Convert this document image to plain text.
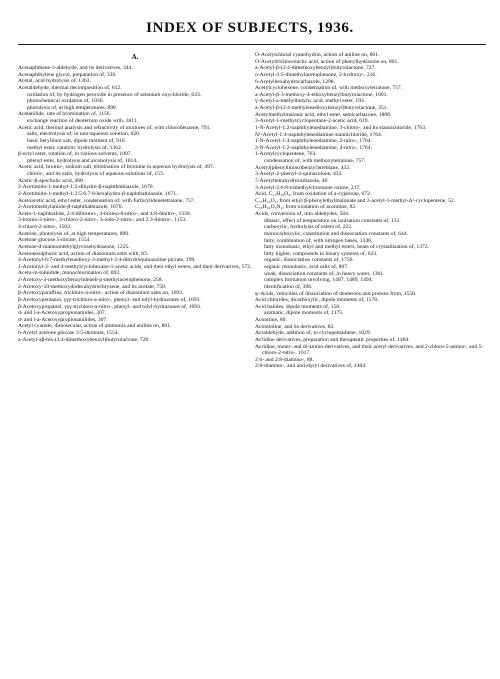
INDEX OF SUBJECTS, 1936.
A.
Acenaphthene-3-aldehyde, and its derivatives, 344.
Acenaphthylene glycol, preparation of, 336.
Acetal, acid hydrolysis of, 1363.
Acetaldehyde, thermal decomposition of, 812.
oxidation of, by hydrogen peroxide in presence of selenium oxychloride, 633.
photochemical oxidation of, 1036.
photolysis of, at high temperatures, 890.
Acetanilide, rate of bromination of, 1156.
exchange reaction of deuterium oxide with, 1811.
Acetic acid, thermal analysis and refractivity of mixtures of, with chlorobenzene, 791.
salts, electrolysis of, in non-aqueous solution, 820.
basic beryllium salt, dipole moment of, 910.
methyl ester, catalytic hydrolysis of, 1362.
β-octyl ester, rotation of, in various solvents, 1007.
phenyl ester, hydrolysis and alcoholysis of, 1014.
Acetic acid, bromo-, sodium salt, elimination of bromine in aqueous hydrolysis of, 497.
chloro-, and its salts, hydrolysis of aqueous solutions of, 153.
Acetic-β-apocholic acid, 468.
2-Acetimido-1-methyl-1:2-dihydro-β-naphthathiazole, 1670.
2-Acetimido-1-methyl-1:2:5:6:7:8-hexahydro-β-naphthathiazole, 1671.
Acetoacetic acid, ethyl ester, condensation of, with furfurylidenetetralone, 757.
2-Acetomethylamido-β-naphthathiazole, 1670.
Aceto-1-naphthalide, 2:4-dibromo-, 4-bromo-8-nitro-, and 4:8-dinitro-, 1338.
3-bromo-2-nitro-, 3-chloro-2-nitro-, 3-iodo-2-nitro-, and 2:3-dinitro-, 1153.
4-chloro-2-nitro-, 1502.
Acetone, photolysis of, at high temperatures, 890.
Acetone glucose 5-nitrate, 1554.
Acetone-d-mannomethylglycosehydrazone, 1225.
Acetonesulphuric acid, action of diazonium salts with, 83.
4-Acetonyl-6:7-methylenedioxy-3-methyl-3:4-dihydroquinazoline picrate, 199.
1-Acetonyl-3- and 4-methylcyclohexane-1-acetic acids, and their ethyl esters, and their derivatives, 572.
Aceto-m-toluidide, monochlorination of, 692.
2-Acetoxy-3-methoxybenzylideneb-p-methylacetophenone, 258.
2-Acetoxy-10-methoxydodecahydrochrysene, and its acetate, 758.
β-Acetoxyparaffins, trichloro-a-nitro-, action of diazonium salts on, 1693.
β-Acetoxypentanol, γγγ-trichloro-a-nitro-, phenyl- and tolyl-hydrazones of, 1693.
β-Acetoxypropanol, γγγ-trichloro-a-nitro-, phenyl- and tolyl-hydrazones of, 1693.
d- and l-a-Acetoxypropionamides, 307.
d- and l-a-Acetoxypropionanilides, 307.
Acetyl cyanide, dimolecular, action of ammonia and aniline on, 801.
6-Acetyl acetone glucose 3:5-dinitrate, 1554.
a-Acetyl-aβ-bis-(3:4-dimethoxybenzyl)butyrolactone, 728.
O-Acetylchloral cyanohydrin, action of aniline on, 801.
O-Acetyltrichlorolactic acid, action of phenylhydrazine on, 801.
a-Acetyl-β-(3:4-dimethoxybenzyl)butyrolactone, 727.
o-Acetyl-3:5-dimethylacetophenone, 2-hydroxy-, 216.
6-Acetylhexahydrocarbazole, 1298.
Acetylcyclohexene, condensation of, with methoxytetralone, 757.
a-Acetyl-β-3-methoxy-4-ethoxybenzylbutyrolactone, 1001.
γ-Acetyl-a-methylbutyric acid, methyl ester, 193.
a-Acetyl-β-(3:4-methylenedioxybenzyl)butyrolactone, 351.
Acetylmethylmalonic acid, ethyl ester, semicarbazone, 1808.
3-Acetyl-1-methylcyclopentane-2-acetic acid, 619.
1-N-Acetyl-1:2-naphthylenediamine, 3-chloro-, and its stannichloride, 1763.
N¹-Acetyl-1:4-naphthylenediamine stannichloride, 1764.
1-N-Acetyl-1:4-naphthylenediamine, 2-nitro-, 1764.
2-N-Acetyl-1:2-naphthylenediamine, 4-nitro-, 1764.
1-Acetylcyclopentene, 763.
condensation of, with methoxytetralone, 757.
Acetyl(phenylimino)benzyl)urethane, 432.
3-Acetyl-2-phenyl-4-quinazolone, 432.
7-Acetyltetrahydrocarbazole, 40.
3-Acetyl-2:6:8-trimethylchromone oxime, 217.
Acid, C₁₁H₁₈O₃, from oxidation of a-cyperone, 672.
C₁₃H₂₂O₂, from ethyl β-phenylethylmalonate and 2-acetyl-1-methyl-Δ¹-cyclopentene, 52.
C₁₆H₂₄O₃N₂, from oxidation of aconitine, 82.
Acids, conversion of, into aldehydes, 584.
dibasic, effect of temperature on ionisation constants of, 133.
carboxylic, hydrolysis of esters of, 222.
monocarboxylic, constitution and dissociation constants of, 644.
fatty, combination of, with nitrogen bases, 1346.
fatty monobasic, ethyl and methyl esters, heats of crystallisation of, 1372.
fatty higher, compounds in binary systems of, 623.
organic, dissociation constants of, 1756.
organic monobasic, acid salts of, 867.
weak, dissociation constants of, in heavy water, 1361.
complex formation involving, 1487, 1489, 1494.
identification of, 398.
ψ-Acids, velocities of dissociation of deuterons and protons from, 1550.
Acid chlorides, dicarboxylic, dipole moments of, 1178.
Acid halides, dipole moments of, 158.
aromatic, dipole moments of, 1175.
Aconitine, 80.
Aconitoline, and its derivatives, 82.
Acraldehyde, addition of, to cyclopentadiene, 1029.
Acridine derivatives, preparation and therapeutic properties of, 1484.
Acridine, mono- and di-amino-derivatives, and their acetyl derivatives, and 2-chloro-5-amino-, and 5-chloro-2-nitro-, 1617.
2:6- and 2:8-diamino-, 88.
2:8-diamino-, anil and styryl derivatives of, 1484.
